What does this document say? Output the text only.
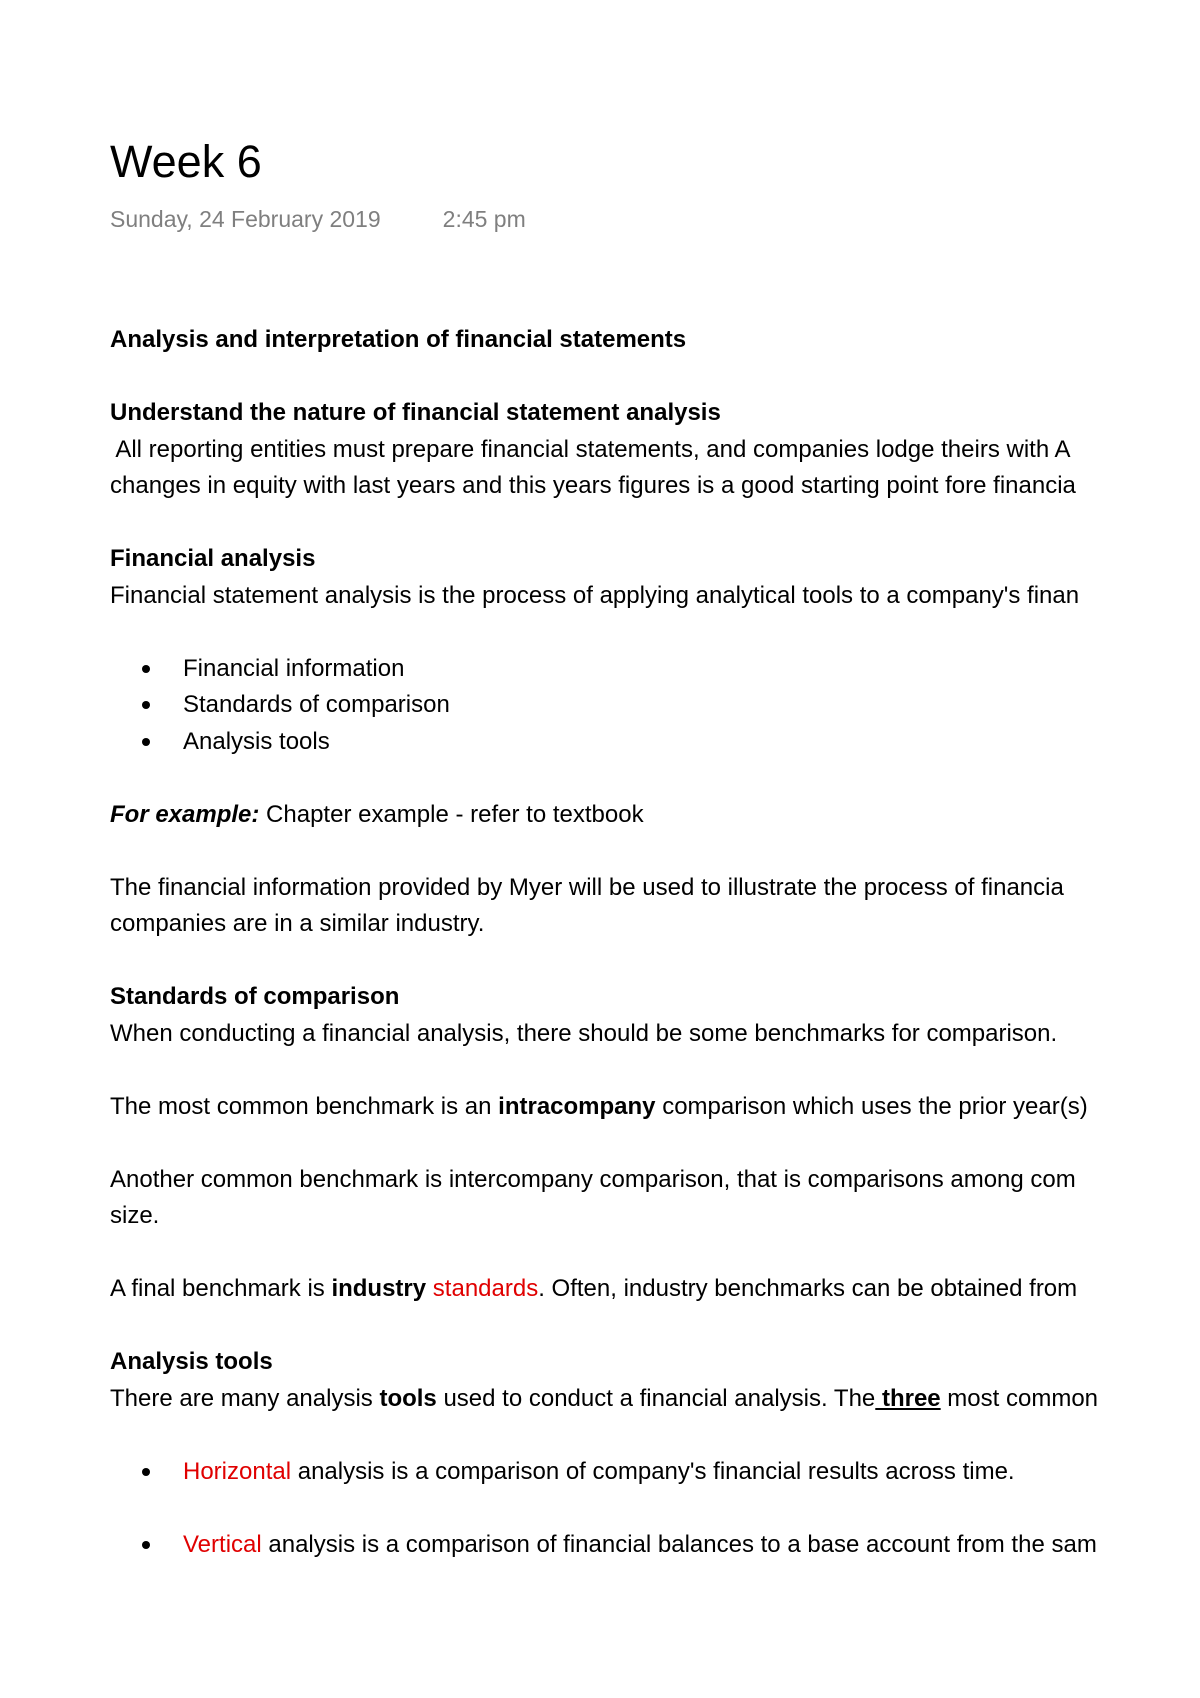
Week 6
Sunday, 24 February 2019	2:45 pm

Analysis and interpretation of financial statements

Understand the nature of financial statement analysis

All reporting entities must prepare financial statements, and companies lodge theirs with A

changes in equity with last years and this years figures is a good starting point fore financia

Financial analysis

Financial statement analysis is the process of applying analytical tools to a company's finan

Financial information
Standards of comparison
Analysis tools

For example: Chapter example - refer to textbook

The financial information provided by Myer will be used to illustrate the process of financia

companies are in a similar industry.

Standards of comparison

When conducting a financial analysis, there should be some benchmarks for comparison.

The most common benchmark is an intracompany comparison which uses the prior year(s)

Another common benchmark is intercompany comparison, that is comparisons among com

size.

A final benchmark is industry standards. Often, industry benchmarks can be obtained from

Analysis tools

There are many analysis tools used to conduct a financial analysis. The three most common

Horizontal analysis is a comparison of company's financial results across time.
Vertical analysis is a comparison of financial balances to a base account from the sam
